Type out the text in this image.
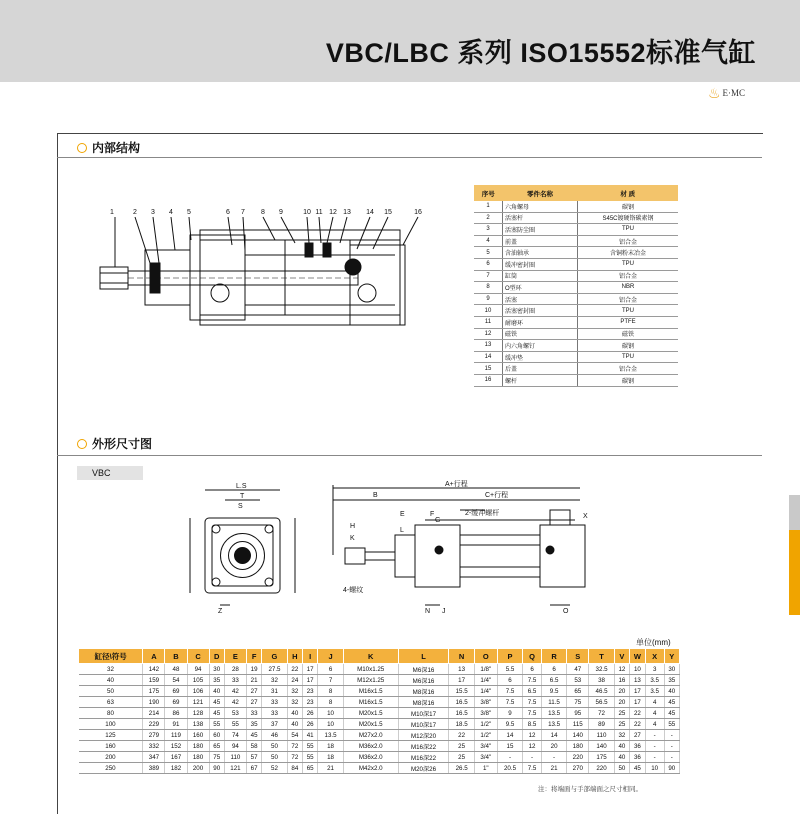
VBC/LBC 系列 ISO15552标准气缸
♨ E·MC
内部结构
1	2 3 4 5	6 7 8 9	10 11 12 13 14 15	16
序号	零件名称	材 质
1	六角螺母	碳钢
2	活塞杆	S45C镀硬铬碳素钢
3	活塞防尘圈	TPU
4	前盖	铝合金
5	含油轴承	含铜粉末冶金
6	缓冲密封圈	TPU
7	缸筒	铝合金
8	O型环	NBR
9	活塞	铝合金
10	活塞密封圈	TPU
11	耐磨环	PTFE
12	磁铁	磁铁
13	内六角螺钉	碳钢
14	缓冲垫	TPU
15	后盖	铝合金
16	螺杆	碳钢
外形尺寸图
VBC
L.S
T
S
Z
A+行程
B	C+行程
E	F
G
H
K
L
2-缓冲螺杆
4-螺纹
X
N J	O
单位(mm)
缸径\符号	A	B	C	D	E	F	G	H	I	J	K	L	N	O	P	Q	R	S	T	V	W	X	Y
32	142	48	94	30	28	19	27.5	22	17	6	M10x1.25	M6深16	13	1/8"	5.5	6	6	47	32.5	12	10	3	30
40	159	54	105	35	33	21	32	24	17	7	M12x1.25	M6深16	17	1/4"	6	7.5	6.5	53	38	16	13	3.5	35
50	175	69	106	40	42	27	31	32	23	8	M16x1.5	M8深16	15.5	1/4"	7.5	6.5	9.5	65	46.5	20	17	3.5	40
63	190	69	121	45	42	27	33	32	23	8	M16x1.5	M8深16	16.5	3/8"	7.5	7.5	11.5	75	56.5	20	17	4	45
80	214	86	128	45	53	33	33	40	26	10	M20x1.5	M10深17	16.5	3/8"	9	7.5	13.5	95	72	25	22	4	45
100	229	91	138	55	55	35	37	40	26	10	M20x1.5	M10深17	18.5	1/2"	9.5	8.5	13.5	115	89	25	22	4	55
125	279	119	160	60	74	45	46	54	41	13.5	M27x2.0	M12深20	22	1/2"	14	12	14	140	110	32	27	-	-
160	332	152	180	65	94	58	50	72	55	18	M36x2.0	M16深22	25	3/4"	15	12	20	180	140	40	36	-	-
200	347	167	180	75	110	57	50	72	55	18	M36x2.0	M16深22	25	3/4"	-	-	-	220	175	40	36	-	-
250	389	182	200	90	121	67	52	84	65	21	M42x2.0	M20深26	26.5	1"	20.5	7.5	21	270	220	50	45	10	90
注：将端面与手部端面之尺寸相同。
